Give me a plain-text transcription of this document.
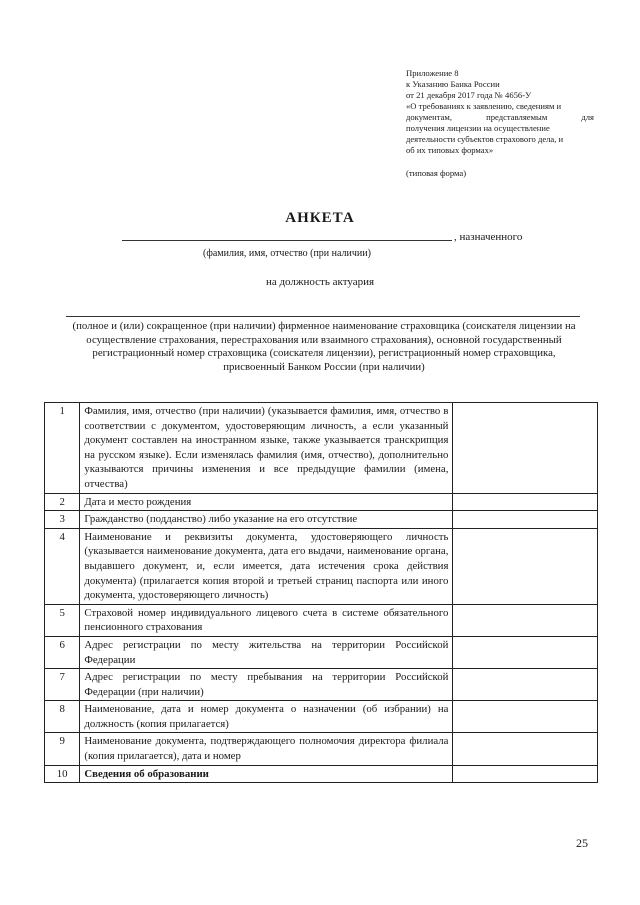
Приложение 8
к Указанию Банка России
от 21 декабря 2017 года № 4656-У
«О требованиях к заявлению, сведениям и
документам, представляемым для
получения лицензии на осуществление
деятельности субъектов страхового дела, и
об их типовых формах»
(типовая форма)
АНКЕТА
, назначенного
(фамилия, имя, отчество (при наличии)
на должность актуария
(полное и (или) сокращенное (при наличии) фирменное наименование страховщика (соискателя лицензии на осуществление страхования, перестрахования или взаимного страхования), основной государственный регистрационный номер страховщика (соискателя лицензии), регистрационный номер страховщика, присвоенный Банком России (при наличии)
1	Фамилия, имя, отчество (при наличии) (указывается фамилия, имя, отчество в соответствии с документом, удостоверяющим личность, а если указанный документ составлен на иностранном языке, также указывается транскрипция на русском языке). Если изменялась фамилия (имя, отчество), дополнительно указываются причины изменения и все предыдущие фамилии (имена, отчества)	
2	Дата и место рождения	
3	Гражданство (подданство) либо указание на его отсутствие	
4	Наименование и реквизиты документа, удостоверяющего личность (указывается наименование документа, дата его выдачи, наименование органа, выдавшего документ, и, если имеется, дата истечения срока действия документа) (прилагается копия второй и третьей страниц паспорта или иного документа, удостоверяющего личность)	
5	Страховой номер индивидуального лицевого счета в системе обязательного пенсионного страхования	
6	Адрес регистрации по месту жительства на территории Российской Федерации	
7	Адрес регистрации по месту пребывания на территории Российской Федерации (при наличии)	
8	Наименование, дата и номер документа о назначении (об избрании) на должность (копия прилагается)	
9	Наименование документа, подтверждающего полномочия директора филиала (копия прилагается), дата и номер	
10	Сведения об образовании	
25
